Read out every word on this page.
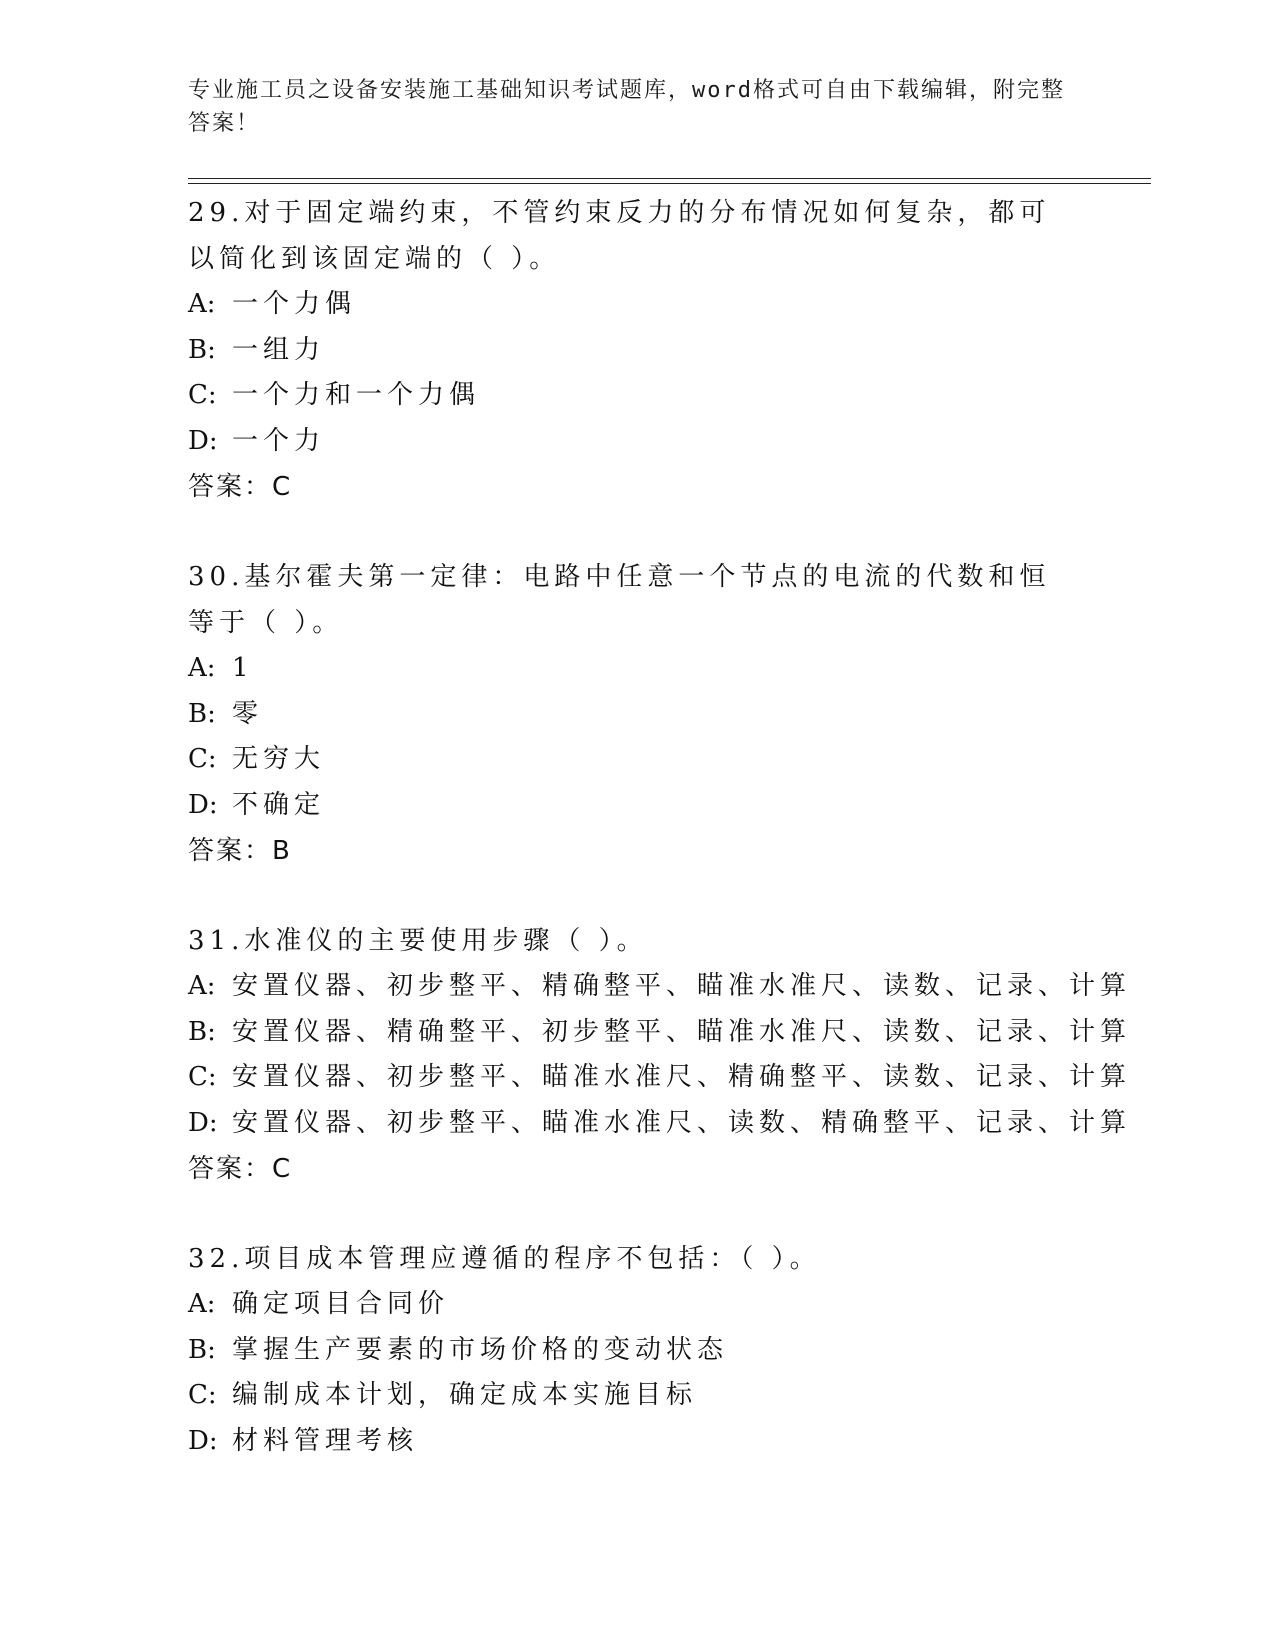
专业施工员之设备安装施工基础知识考试题库，word格式可自由下载编辑，附完整答案！
29.对于固定端约束，不管约束反力的分布情况如何复杂，都可以简化到该固定端的（ ）。
A: 一个力偶
B: 一组力
C: 一个力和一个力偶
D: 一个力
答案：C
30.基尔霍夫第一定律：电路中任意一个节点的电流的代数和恒等于（ ）。
A: 1
B: 零
C: 无穷大
D: 不确定
答案：B
31.水准仪的主要使用步骤（ ）。
A: 安置仪器、初步整平、精确整平、瞄准水准尺、读数、记录、计算
B: 安置仪器、精确整平、初步整平、瞄准水准尺、读数、记录、计算
C: 安置仪器、初步整平、瞄准水准尺、精确整平、读数、记录、计算
D: 安置仪器、初步整平、瞄准水准尺、读数、精确整平、记录、计算
答案：C
32.项目成本管理应遵循的程序不包括：（ ）。
A: 确定项目合同价
B: 掌握生产要素的市场价格的变动状态
C: 编制成本计划，确定成本实施目标
D: 材料管理考核
